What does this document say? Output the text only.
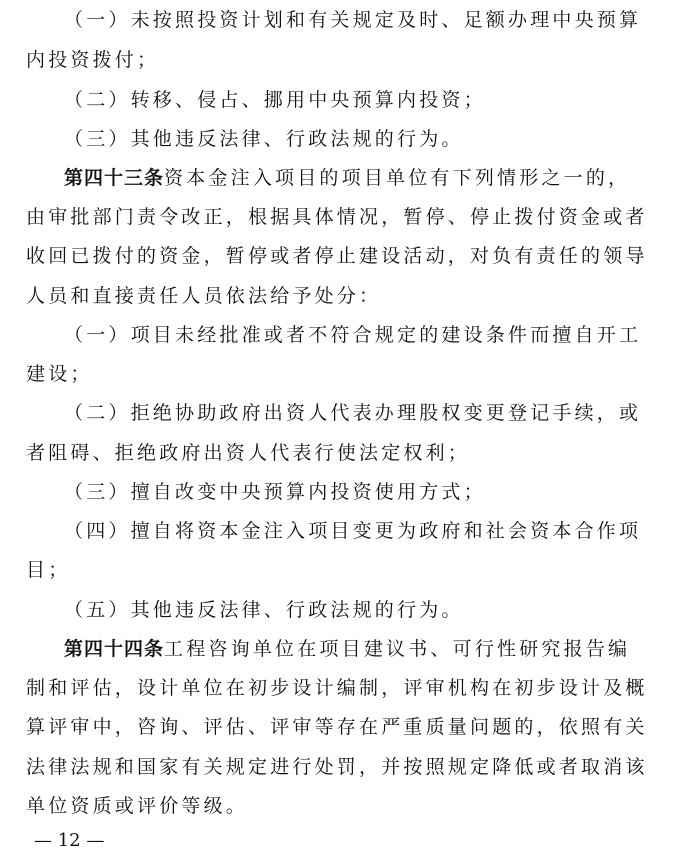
（一）未按照投资计划和有关规定及时、足额办理中央预算
内投资拨付；
（二）转移、侵占、挪用中央预算内投资；
（三）其他违反法律、行政法规的行为。
第四十三条资本金注入项目的项目单位有下列情形之一的，
由审批部门责令改正，根据具体情况，暂停、停止拨付资金或者
收回已拨付的资金，暂停或者停止建设活动，对负有责任的领导
人员和直接责任人员依法给予处分：
（一）项目未经批准或者不符合规定的建设条件而擅自开工
建设；
（二）拒绝协助政府出资人代表办理股权变更登记手续，或
者阻碍、拒绝政府出资人代表行使法定权利；
（三）擅自改变中央预算内投资使用方式；
（四）擅自将资本金注入项目变更为政府和社会资本合作项
目；
（五）其他违反法律、行政法规的行为。
第四十四条工程咨询单位在项目建议书、可行性研究报告编
制和评估，设计单位在初步设计编制，评审机构在初步设计及概
算评审中，咨询、评估、评审等存在严重质量问题的，依照有关
法律法规和国家有关规定进行处罚，并按照规定降低或者取消该
单位资质或评价等级。
— 12 —
